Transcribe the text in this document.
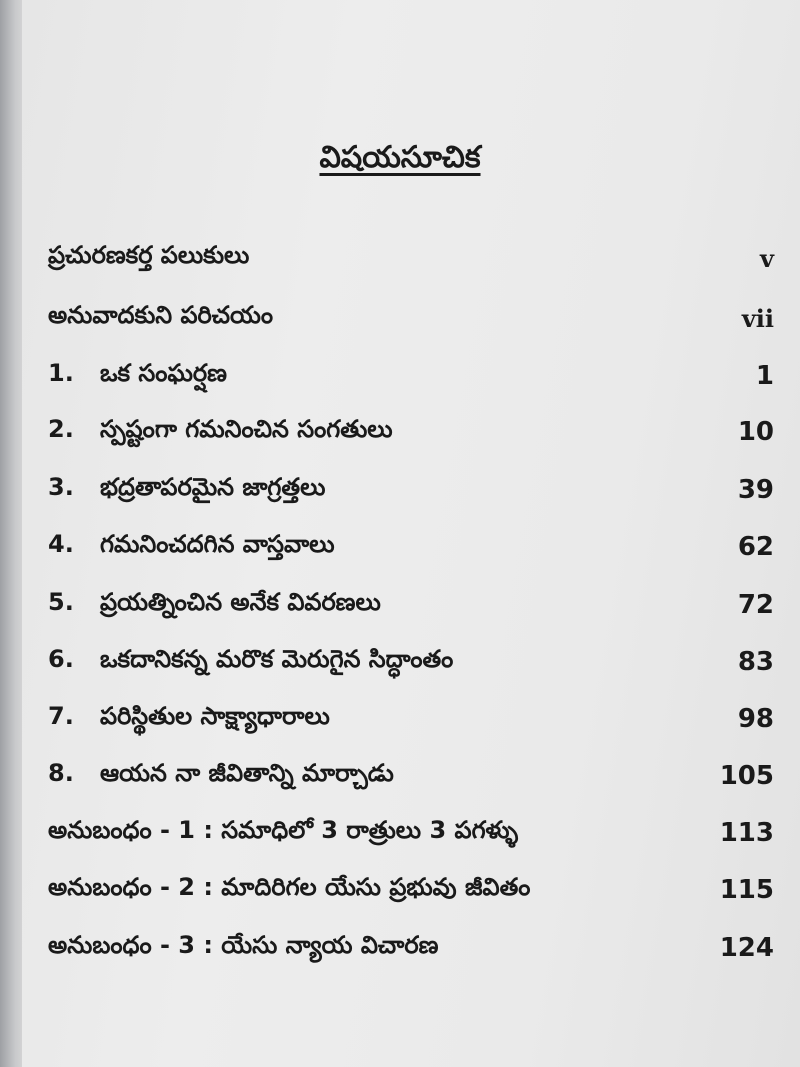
విషయసూచిక
ప్రచురణకర్త పలుకులు	v
అనువాదకుని పరిచయం	vii
1.	ఒక సంఘర్షణ	1
2.	స్పష్టంగా గమనించిన సంగతులు	10
3.	భద్రతాపరమైన జాగ్రత్తలు	39
4.	గమనించదగిన వాస్తవాలు	62
5.	ప్రయత్నించిన అనేక వివరణలు	72
6.	ఒకదానికన్న మరొక మెరుగైన సిద్ధాంతం	83
7.	పరిస్థితుల సాక్ష్యాధారాలు	98
8.	ఆయన నా జీవితాన్ని మార్చాడు	105
అనుబంధం - 1 : సమాధిలో 3 రాత్రులు 3 పగళ్ళు	113
అనుబంధం - 2 : మాదిరిగల యేసు ప్రభువు జీవితం	115
అనుబంధం - 3 : యేసు న్యాయ విచారణ	124
